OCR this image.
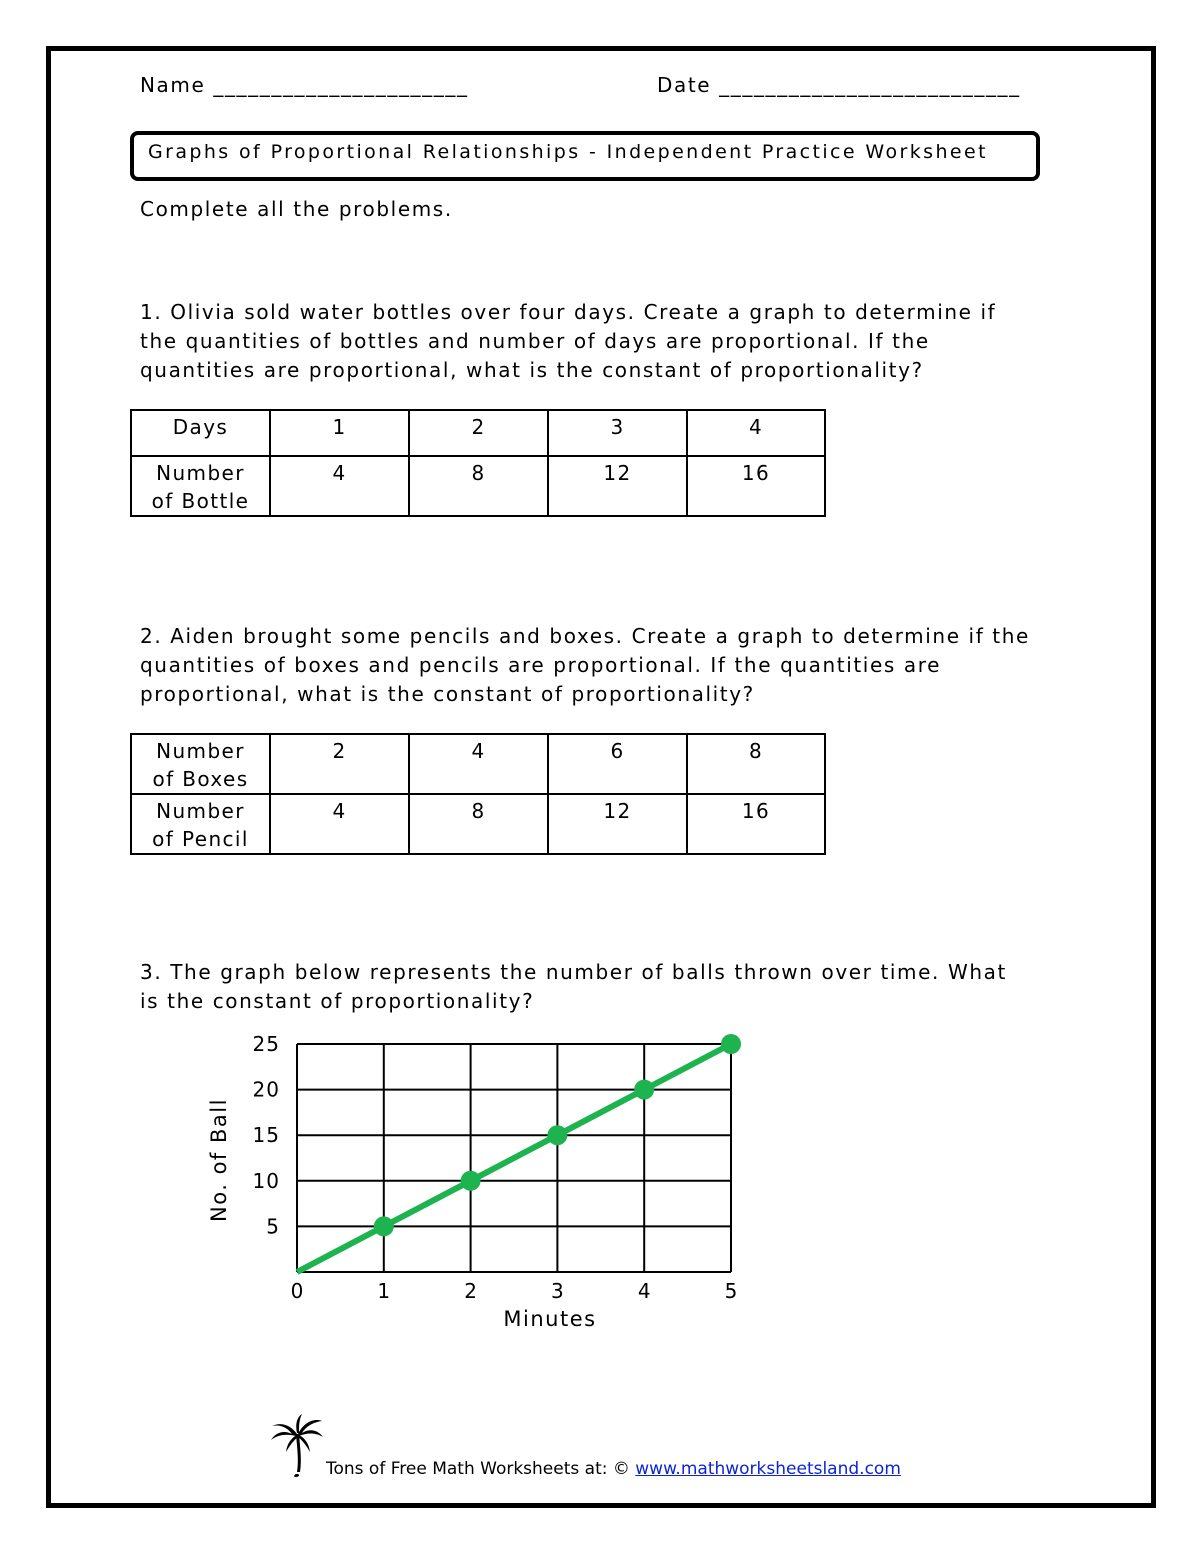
Name ______________________	Date __________________________
Graphs of Proportional Relationships - Independent Practice Worksheet
Complete all the problems.
1. Olivia sold water bottles over four days. Create a graph to determine if
the quantities of bottles and number of days are proportional. If the
quantities are proportional, what is the constant of proportionality?
Days	1	2	3	4

Number
of Bottle	4	8	12	16
2. Aiden brought some pencils and boxes. Create a graph to determine if the
quantities of boxes and pencils are proportional. If the quantities are
proportional, what is the constant of proportionality?
Number
of Boxes	2	4	6	8

Number
of Pencil	4	8	12	16
3. The graph below represents the number of balls thrown over time. What
is the constant of proportionality?
5
10
15
20
25
0	1	2	3	4	5
Minutes
No. of Ball
Tons of Free Math Worksheets at: © www.mathworksheetsland.com
